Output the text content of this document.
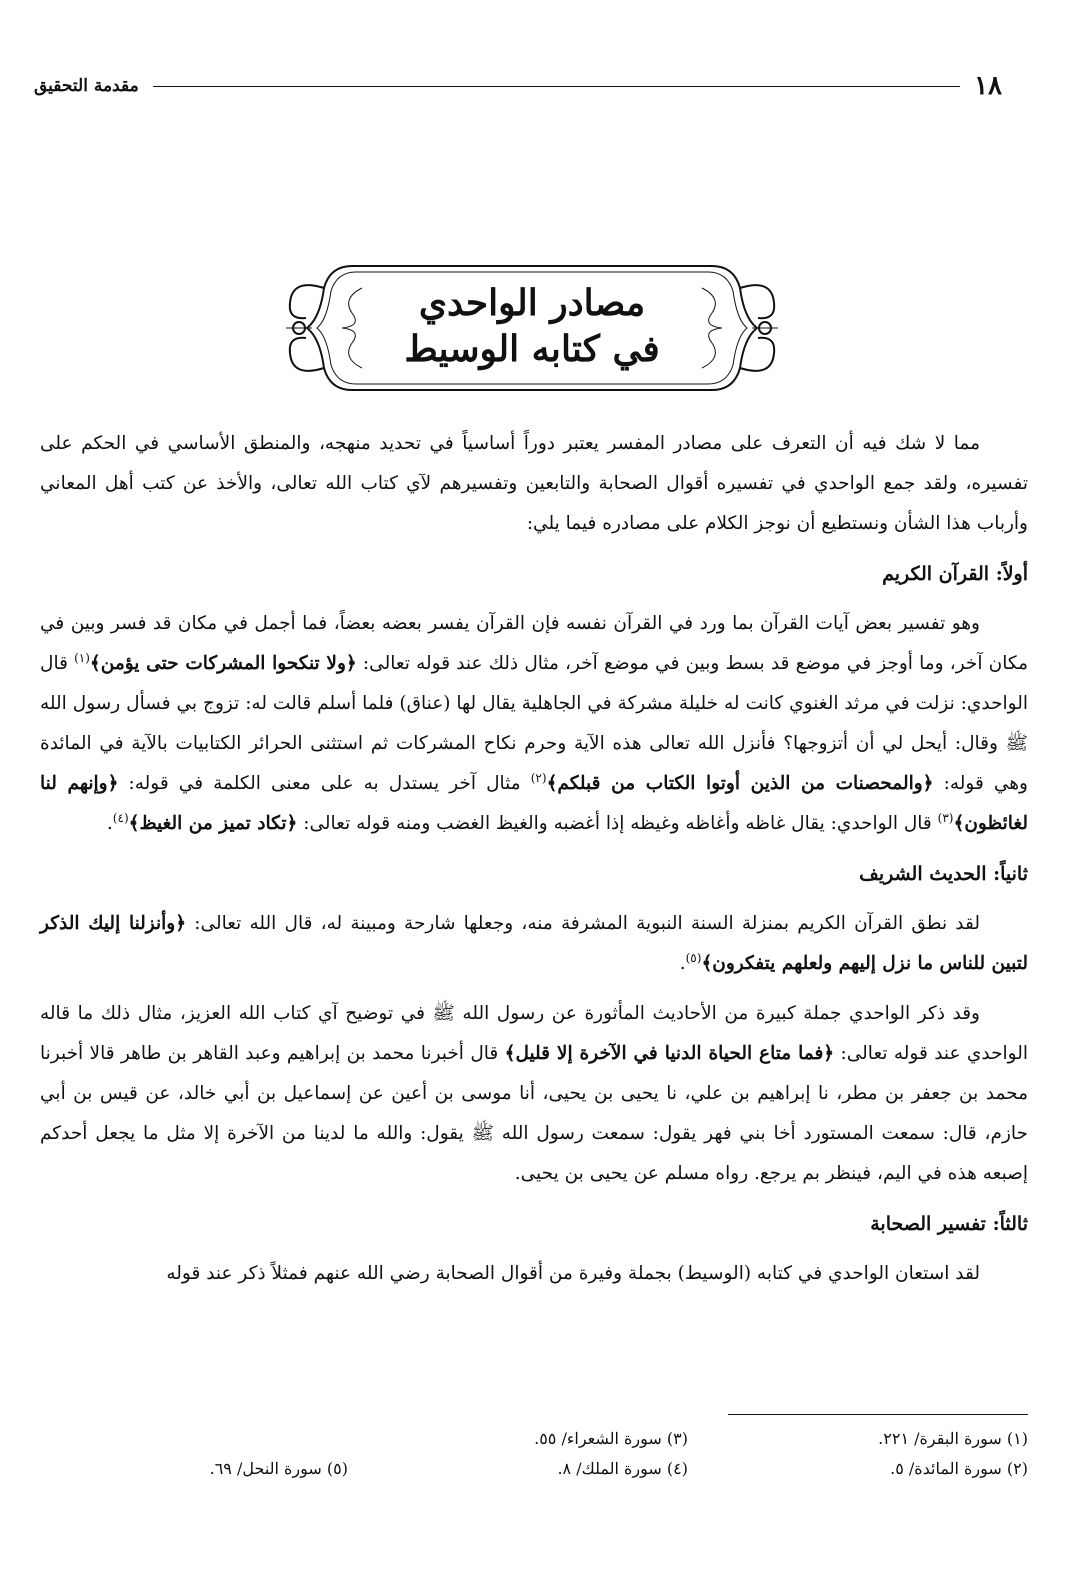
١٨
مقدمة التحقيق
مصادر الواحدي
في كتابه الوسيط

مما لا شك فيه أن التعرف على مصادر المفسر يعتبر دوراً أساسياً في تحديد منهجه، والمنطق الأساسي في الحكم على تفسيره، ولقد جمع الواحدي في تفسيره أقوال الصحابة والتابعين وتفسيرهم لآي كتاب الله تعالى، والأخذ عن كتب أهل المعاني وأرباب هذا الشأن ونستطيع أن نوجز الكلام على مصادره فيما يلي:

أولاً: القرآن الكريم

وهو تفسير بعض آيات القرآن بما ورد في القرآن نفسه فإن القرآن يفسر بعضه بعضاً، فما أجمل في مكان قد فسر وبين في مكان آخر، وما أوجز في موضع قد بسط وبين في موضع آخر، مثال ذلك عند قوله تعالى: ﴿ولا تنكحوا المشركات حتى يؤمن﴾$^{(١)}$ قال الواحدي: نزلت في مرثد الغنوي كانت له خليلة مشركة في الجاهلية يقال لها (عناق) فلما أسلم قالت له: تزوج بي فسأل رسول الله ﷺ وقال: أيحل لي أن أتزوجها؟ فأنزل الله تعالى هذه الآية وحرم نكاح المشركات ثم استثنى الحرائر الكتابيات بالآية في المائدة وهي قوله: ﴿والمحصنات من الذين أوتوا الكتاب من قبلكم﴾$^{(٢)}$ مثال آخر يستدل به على معنى الكلمة في قوله: ﴿وإنهم لنا لغائظون﴾$^{(٣)}$ قال الواحدي: يقال غاظه وأغاظه وغيظه إذا أغضبه والغيظ الغضب ومنه قوله تعالى: ﴿تكاد تميز من الغيظ﴾$^{(٤)}$.

ثانياً: الحديث الشريف

لقد نطق القرآن الكريم بمنزلة السنة النبوية المشرفة منه، وجعلها شارحة ومبينة له، قال الله تعالى: ﴿وأنزلنا إليك الذكر لتبين للناس ما نزل إليهم ولعلهم يتفكرون﴾$^{(٥)}$.

وقد ذكر الواحدي جملة كبيرة من الأحاديث المأثورة عن رسول الله ﷺ في توضيح آي كتاب الله العزيز، مثال ذلك ما قاله الواحدي عند قوله تعالى: ﴿فما متاع الحياة الدنيا في الآخرة إلا قليل﴾ قال أخبرنا محمد بن إبراهيم وعبد القاهر بن طاهر قالا أخبرنا محمد بن جعفر بن مطر، نا إبراهيم بن علي، نا يحيى بن يحيى، أنا موسى بن أعين عن إسماعيل بن أبي خالد، عن قيس بن أبي حازم، قال: سمعت المستورد أخا بني فهر يقول: سمعت رسول الله ﷺ يقول: والله ما لدينا من الآخرة إلا مثل ما يجعل أحدكم إصبعه هذه في اليم، فينظر بم يرجع. رواه مسلم عن يحيى بن يحيى.

ثالثاً: تفسير الصحابة

لقد استعان الواحدي في كتابه (الوسيط) بجملة وفيرة من أقوال الصحابة رضي الله عنهم فمثلاً ذكر عند قوله

(١) سورة البقرة/ ٢٢١.
(٣) سورة الشعراء/ ٥٥.
(٢) سورة المائدة/ ٥.
(٤) سورة الملك/ ٨.
(٥) سورة النحل/ ٦٩.
